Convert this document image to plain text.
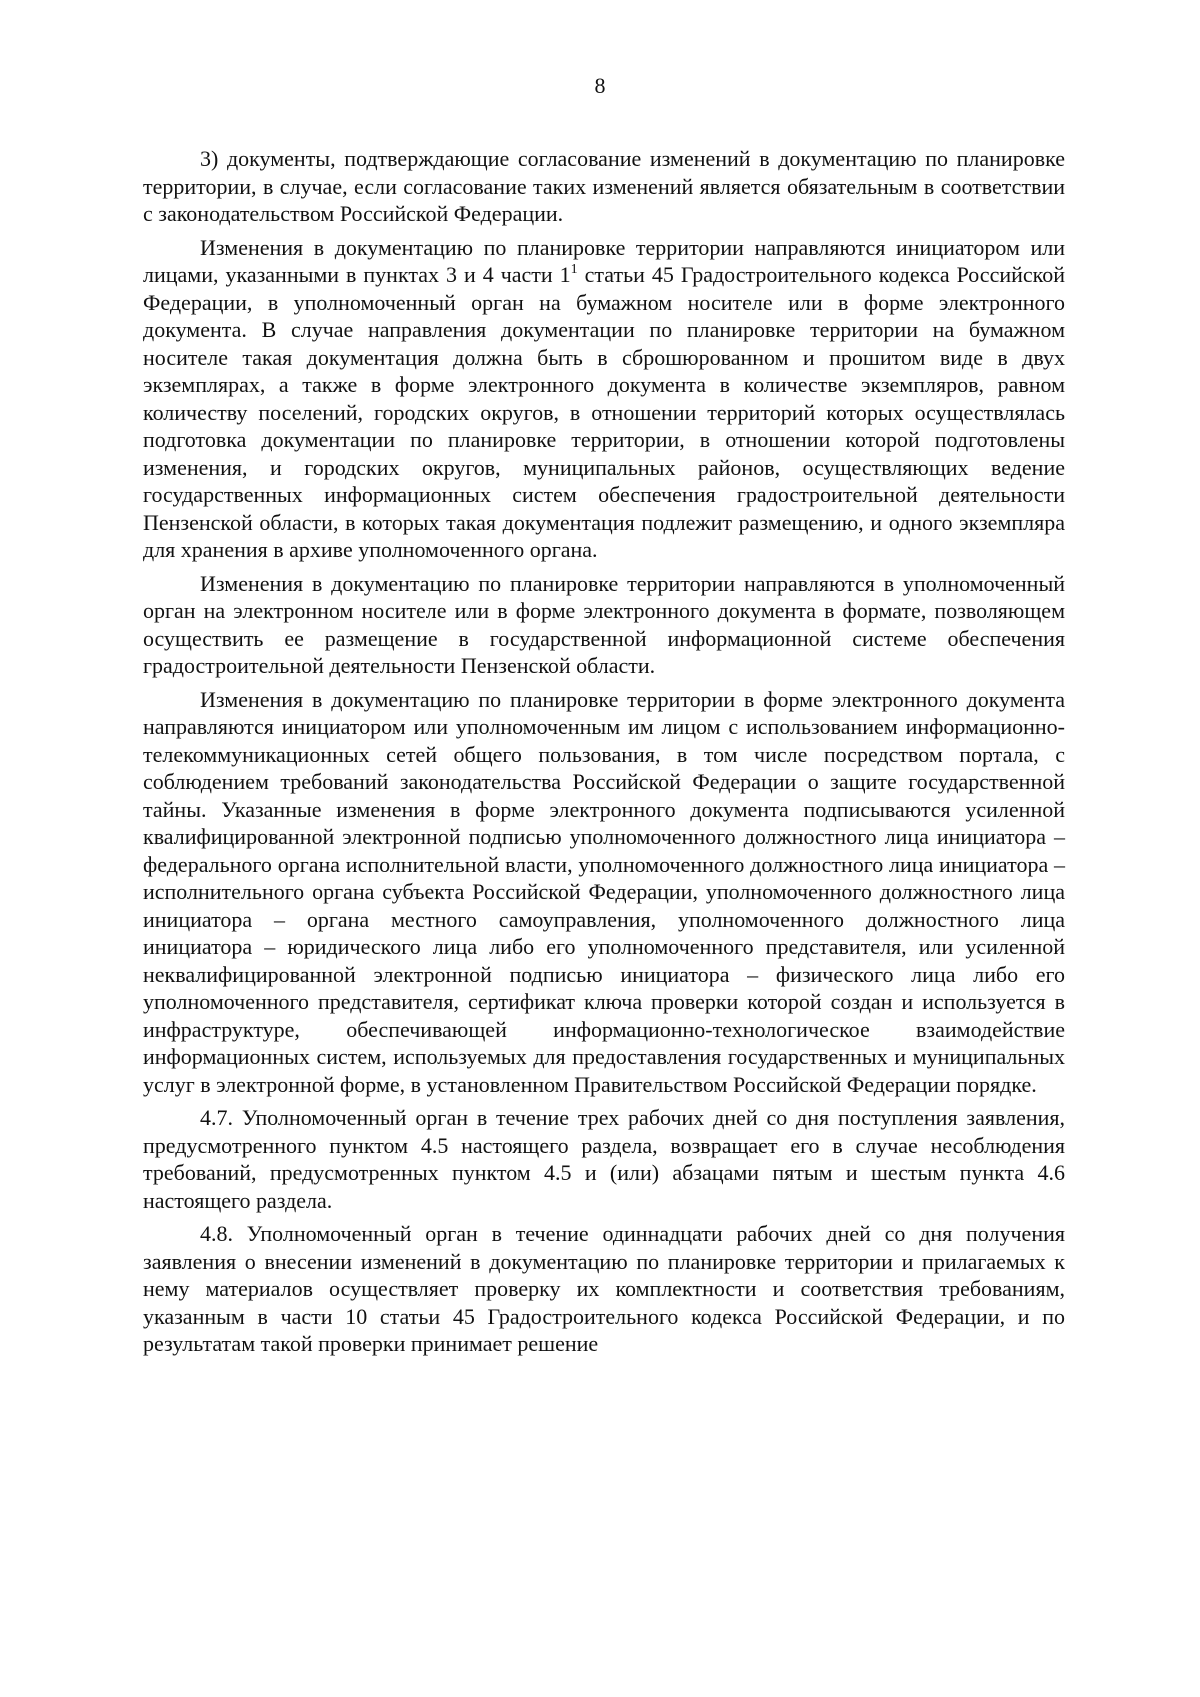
8

3) документы, подтверждающие согласование изменений в документацию по планировке территории, в случае, если согласование таких изменений является обязательным в соответствии с законодательством Российской Федерации.

Изменения в документацию по планировке территории направляются инициатором или лицами, указанными в пунктах 3 и 4 части $1^1$ статьи 45 Градостроительного кодекса Российской Федерации, в уполномоченный орган на бумажном носителе или в форме электронного документа. В случае направления документации по планировке территории на бумажном носителе такая документация должна быть в сброшюрованном и прошитом виде в двух экземплярах, а также в форме электронного документа в количестве экземпляров, равном количеству поселений, городских округов, в отношении территорий которых осуществлялась подготовка документации по планировке территории, в отношении которой подготовлены изменения, и городских округов, муниципальных районов, осуществляющих ведение государственных информационных систем обеспечения градостроительной деятельности Пензенской области, в которых такая документация подлежит размещению, и одного экземпляра для хранения в архиве уполномоченного органа.

Изменения в документацию по планировке территории направляются в уполномоченный орган на электронном носителе или в форме электронного документа в формате, позволяющем осуществить ее размещение в государственной информационной системе обеспечения градостроительной деятельности Пензенской области.

Изменения в документацию по планировке территории в форме электронного документа направляются инициатором или уполномоченным им лицом с использованием информационно-телекоммуникационных сетей общего пользования, в том числе посредством портала, с соблюдением требований законодательства Российской Федерации о защите государственной тайны. Указанные изменения в форме электронного документа подписываются усиленной квалифицированной электронной подписью уполномоченного должностного лица инициатора – федерального органа исполнительной власти, уполномоченного должностного лица инициатора – исполнительного органа субъекта Российской Федерации, уполномоченного должностного лица инициатора – органа местного самоуправления, уполномоченного должностного лица инициатора – юридического лица либо его уполномоченного представителя, или усиленной неквалифицированной электронной подписью инициатора – физического лица либо его уполномоченного представителя, сертификат ключа проверки которой создан и используется в инфраструктуре, обеспечивающей информационно-технологическое взаимодействие информационных систем, используемых для предоставления государственных и муниципальных услуг в электронной форме, в установленном Правительством Российской Федерации порядке.

4.7. Уполномоченный орган в течение трех рабочих дней со дня поступления заявления, предусмотренного пунктом 4.5 настоящего раздела, возвращает его в случае несоблюдения требований, предусмотренных пунктом 4.5 и (или) абзацами пятым и шестым пункта 4.6 настоящего раздела.

4.8. Уполномоченный орган в течение одиннадцати рабочих дней со дня получения заявления о внесении изменений в документацию по планировке территории и прилагаемых к нему материалов осуществляет проверку их комплектности и соответствия требованиям, указанным в части 10 статьи 45 Градостроительного кодекса Российской Федерации, и по результатам такой проверки принимает решение
